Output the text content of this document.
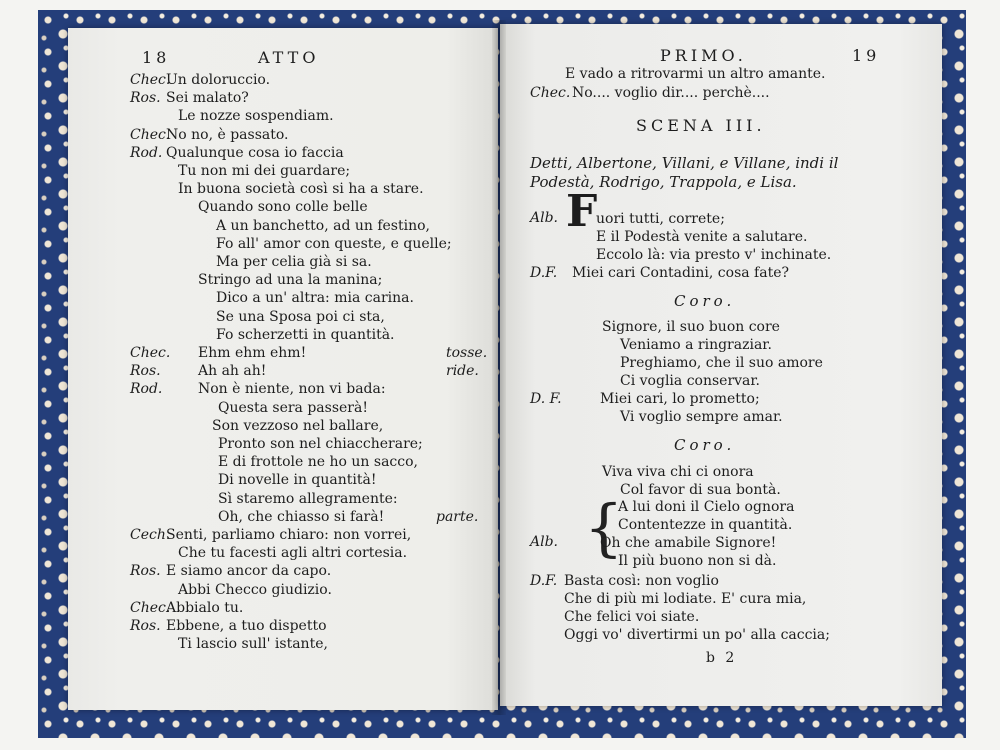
Chec.
Un doloruccio.
Ros. Sei malato?
Le nozze sospendiam.
Chec.
No no, è passato.
Rod. Qualunque cosa io faccia
Tu non mi dei guardare;
In buona società così si ha a stare.
Quando sono colle belle
A un banchetto, ad un festino,
Fo all' amor con queste, e quelle;
Ma per celia già si sa.
Stringo ad una la manina;
Dico a un' altra: mia carina.
Se una Sposa poi ci sta,
Fo scherzetti in quantità.
Chec. Ehm ehm ehm!	tosse.
Ros.	Ah ah ah!	ride.
Rod.	Non è niente, non vi bada:
Questa sera passerà!
Son vezzoso nel ballare,
Pronto son nel chiaccherare;
E di frottole ne ho un sacco,
Di novelle in quantità!
Sì staremo allegramente:
Oh, che chiasso si farà!	parte.
Cech.
Senti, parliamo chiaro: non vorrei,
Che tu facesti agli altri cortesia.
Ros. E siamo ancor da capo.
Abbi Checco giudizio.
Chec.
Abbialo tu.
Ros. Ebbene, a tuo dispetto
Ti lascio sull' istante,
18	ATTO	PRIMO.	19
E vado a ritrovarmi un altro amante.
Chec. No.... voglio dir.... perchè....
SCENA III.
Detti, Albertone, Villani, e Villane, indi il
Podestà, Rodrigo, Trappola, e Lisa.
Alb. F
uori tutti, correte;
E il Podestà venite a salutare.
Eccolo là: via presto v' inchinate.
D.F. Miei cari Contadini, cosa fate?
Coro.
Signore, il suo buon core
Veniamo a ringraziar.
Preghiamo, che il suo amore
Ci voglia conservar.
D. F.	Miei cari, lo prometto;
Vi voglio sempre amar.
Coro.
Viva viva chi ci onora
Col favor di sua bontà.
{
Alb.
A lui doni il Cielo ognora
Contentezze in quantità.
Oh che amabile Signore!
Il più buono non si dà.
D.F. Basta così: non voglio
Che di più mi lodiate. E' cura mia,
Che felici voi siate.
Oggi vo' divertirmi un po' alla caccia;
b 2
